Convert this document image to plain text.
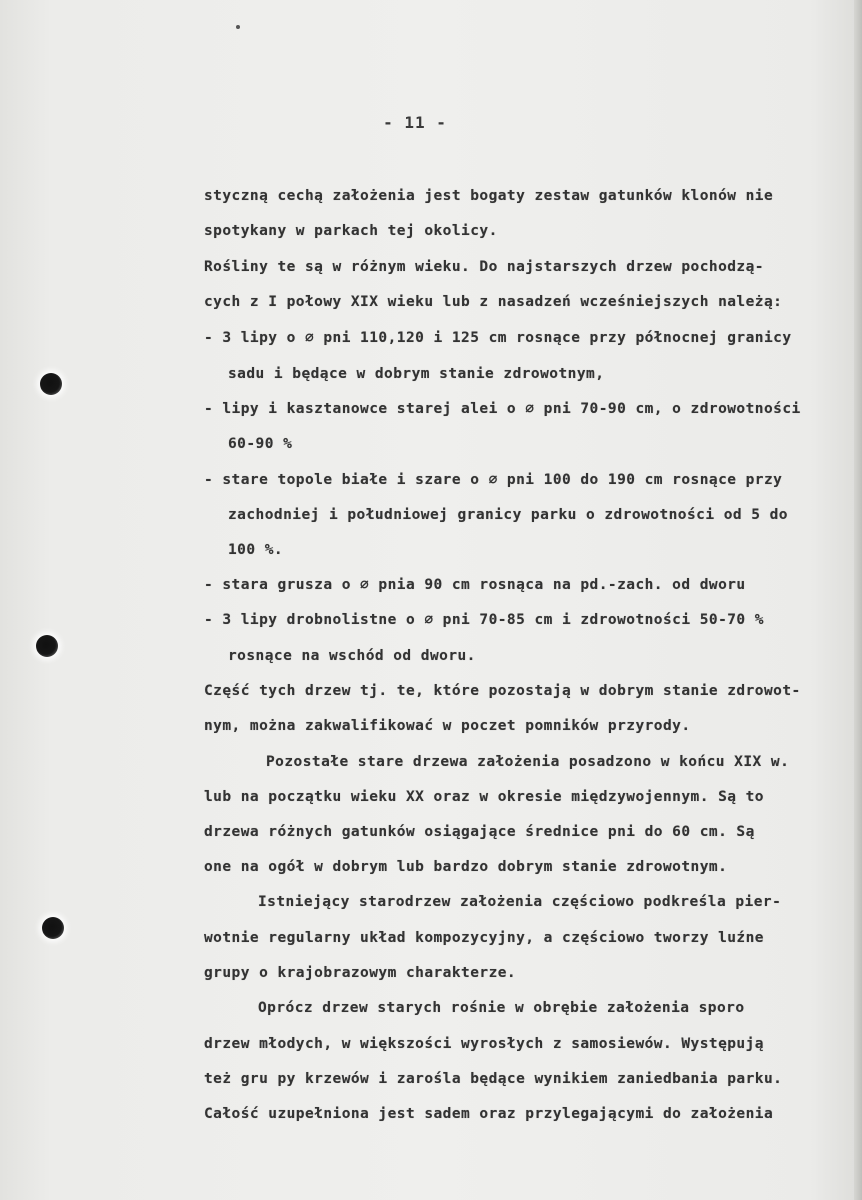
- 11 -
styczną cechą założenia jest bogaty zestaw gatunków klonów nie
spotykany w parkach tej okolicy.
Rośliny te są w różnym wieku. Do najstarszych drzew pochodzą-
cych z I połowy XIX wieku lub z nasadzeń wcześniejszych należą:
- 3 lipy o ∅ pni 110,120 i 125 cm rosnące przy północnej granicy
sadu i będące w dobrym stanie zdrowotnym,
- lipy i kasztanowce starej alei o ∅ pni 70-90 cm, o zdrowotności
60-90 %
- stare topole białe i szare o ∅ pni 100 do 190 cm rosnące przy
zachodniej i południowej granicy parku o zdrowotności od 5 do
100 %.
- stara grusza o ∅ pnia 90 cm rosnąca na pd.-zach. od dworu
- 3 lipy drobnolistne o ∅ pni 70-85 cm i zdrowotności 50-70 %
rosnące na wschód od dworu.
Część tych drzew tj. te, które pozostają w dobrym stanie zdrowot-
nym, można zakwalifikować w poczet pomników przyrody.
Pozostałe stare drzewa założenia posadzono w końcu XIX w.
lub na początku wieku XX oraz w okresie międzywojennym. Są to
drzewa różnych gatunków osiągające średnice pni do 60 cm. Są
one na ogół w dobrym lub bardzo dobrym stanie zdrowotnym.
Istniejący starodrzew założenia częściowo podkreśla pier-
wotnie regularny układ kompozycyjny, a częściowo tworzy luźne
grupy o krajobrazowym charakterze.
Oprócz drzew starych rośnie w obrębie założenia sporo
drzew młodych, w większości wyrosłych z samosiewów. Występują
też gru py krzewów i zarośla będące wynikiem zaniedbania parku.
Całość uzupełniona jest sadem oraz przylegającymi do założenia
